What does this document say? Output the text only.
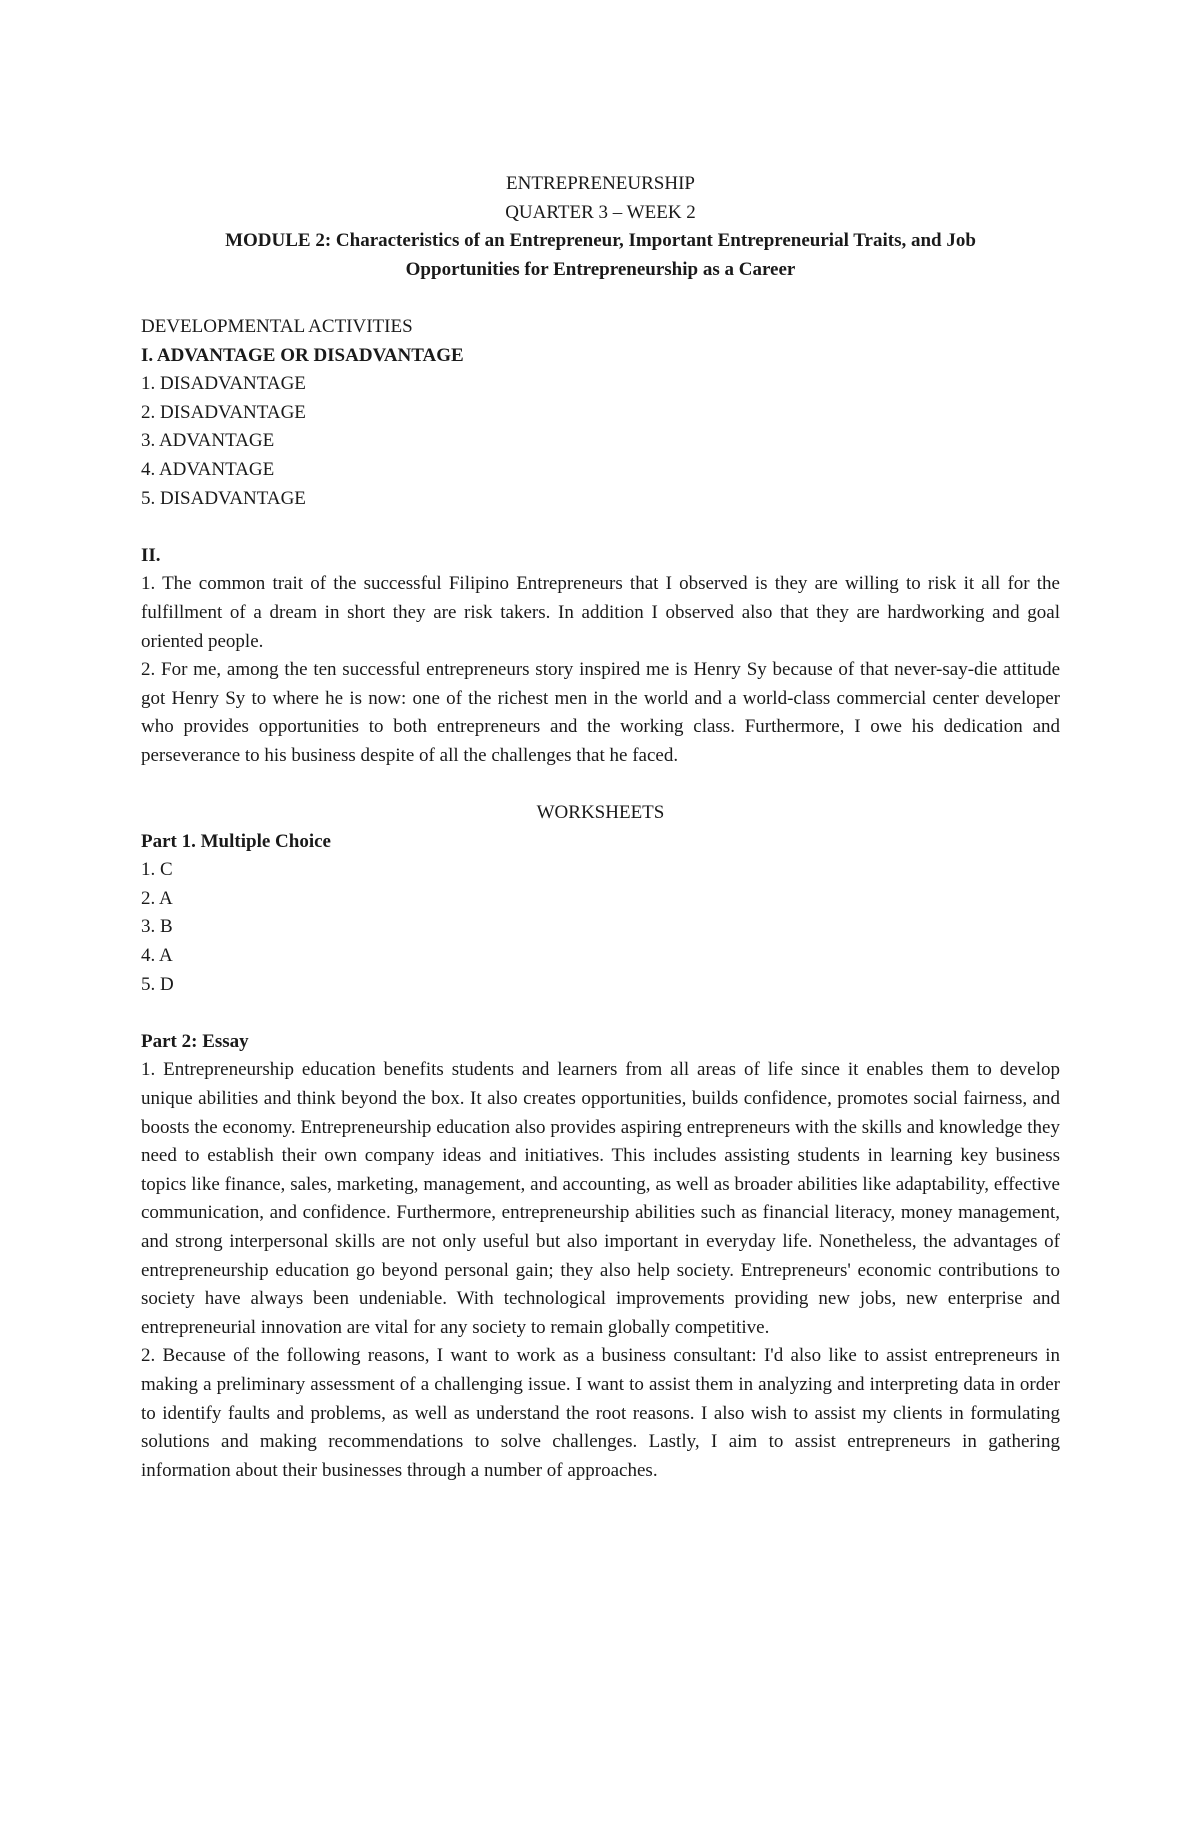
ENTREPRENEURSHIP

QUARTER 3 – WEEK 2

MODULE 2: Characteristics of an Entrepreneur, Important Entrepreneurial Traits, and Job

Opportunities for Entrepreneurship as a Career

DEVELOPMENTAL ACTIVITIES

I. ADVANTAGE OR DISADVANTAGE

1. DISADVANTAGE

2. DISADVANTAGE

3. ADVANTAGE

4. ADVANTAGE

5. DISADVANTAGE

II.

1. The common trait of the successful Filipino Entrepreneurs that I observed is they are willing to risk it all for the fulfillment of a dream in short they are risk takers. In addition I observed also that they are hardworking and goal oriented people.

2. For me, among the ten successful entrepreneurs story inspired me is Henry Sy because of that never-say-die attitude got Henry Sy to where he is now: one of the richest men in the world and a world-class commercial center developer who provides opportunities to both entrepreneurs and the working class. Furthermore, I owe his dedication and perseverance to his business despite of all the challenges that he faced.

WORKSHEETS

Part 1. Multiple Choice

1. C

2. A

3. B

4. A

5. D

Part 2: Essay

1. Entrepreneurship education benefits students and learners from all areas of life since it enables them to develop unique abilities and think beyond the box. It also creates opportunities, builds confidence, promotes social fairness, and boosts the economy. Entrepreneurship education also provides aspiring entrepreneurs with the skills and knowledge they need to establish their own company ideas and initiatives. This includes assisting students in learning key business topics like finance, sales, marketing, management, and accounting, as well as broader abilities like adaptability, effective communication, and confidence. Furthermore, entrepreneurship abilities such as financial literacy, money management, and strong interpersonal skills are not only useful but also important in everyday life. Nonetheless, the advantages of entrepreneurship education go beyond personal gain; they also help society. Entrepreneurs' economic contributions to society have always been undeniable. With technological improvements providing new jobs, new enterprise and entrepreneurial innovation are vital for any society to remain globally competitive.

2. Because of the following reasons, I want to work as a business consultant: I'd also like to assist entrepreneurs in making a preliminary assessment of a challenging issue. I want to assist them in analyzing and interpreting data in order to identify faults and problems, as well as understand the root reasons. I also wish to assist my clients in formulating solutions and making recommendations to solve challenges. Lastly, I aim to assist entrepreneurs in gathering information about their businesses through a number of approaches.
